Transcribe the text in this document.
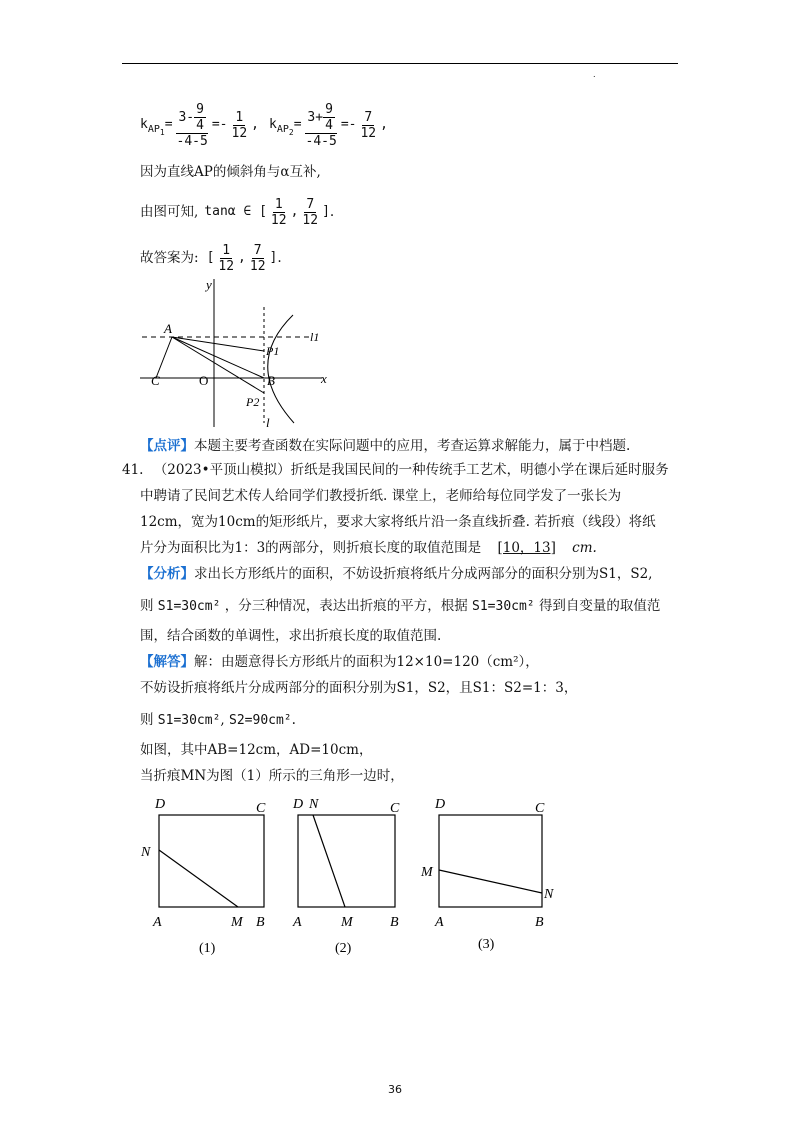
.
k AP 1
= $\frac{3- \frac{9}{4}}{-4-5} =- \frac{1}{12}$ , k AP 2
= $\frac{3+ \frac{9}{4}}{-4-5} =- \frac{7}{12}$ ,
因为直线AP的倾斜角与α互补,
由图可知, tanα ∈ [ $\frac{1}{12}$ , $\frac{7}{12}$ ] .
故答案为: [ $\frac{1}{12}$ , $\frac{7}{12}$ ] .
y
x
A
C	O	B
P1
P2
l1
l
【点评】本题主要考查函数在实际问题中的应用，考查运算求解能力，属于中档题.
41. （2023•平顶山模拟）折纸是我国民间的一种传统手工艺术，明德小学在课后延时服务
中聘请了民间艺术传人给同学们教授折纸. 课堂上，老师给每位同学发了一张长为
12cm，宽为10cm的矩形纸片，要求大家将纸片沿一条直线折叠. 若折痕（线段）将纸
片分为面积比为1：3的两部分，则折痕长度的取值范围是 [10，13] cm.
【分析】求出长方形纸片的面积，不妨设折痕将纸片分成两部分的面积分别为S1，S2,
则 S1=30cm² ，分三种情况，表达出折痕的平方，根据 S1=30cm² 得到自变量的取值范
围，结合函数的单调性，求出折痕长度的取值范围.
【解答】解：由题意得长方形纸片的面积为12×10=120（cm²），
不妨设折痕将纸片分成两部分的面积分别为S1，S2，且S1：S2=1：3，
则 S1=30cm², S2=90cm².
如图，其中AB=12cm，AD=10cm，
当折痕MN为图（1）所示的三角形一边时，
D	C
N
A	M B
D N	C
A	M	B
D	C
M
N
A	B
(1)	(2)	(3)
36
